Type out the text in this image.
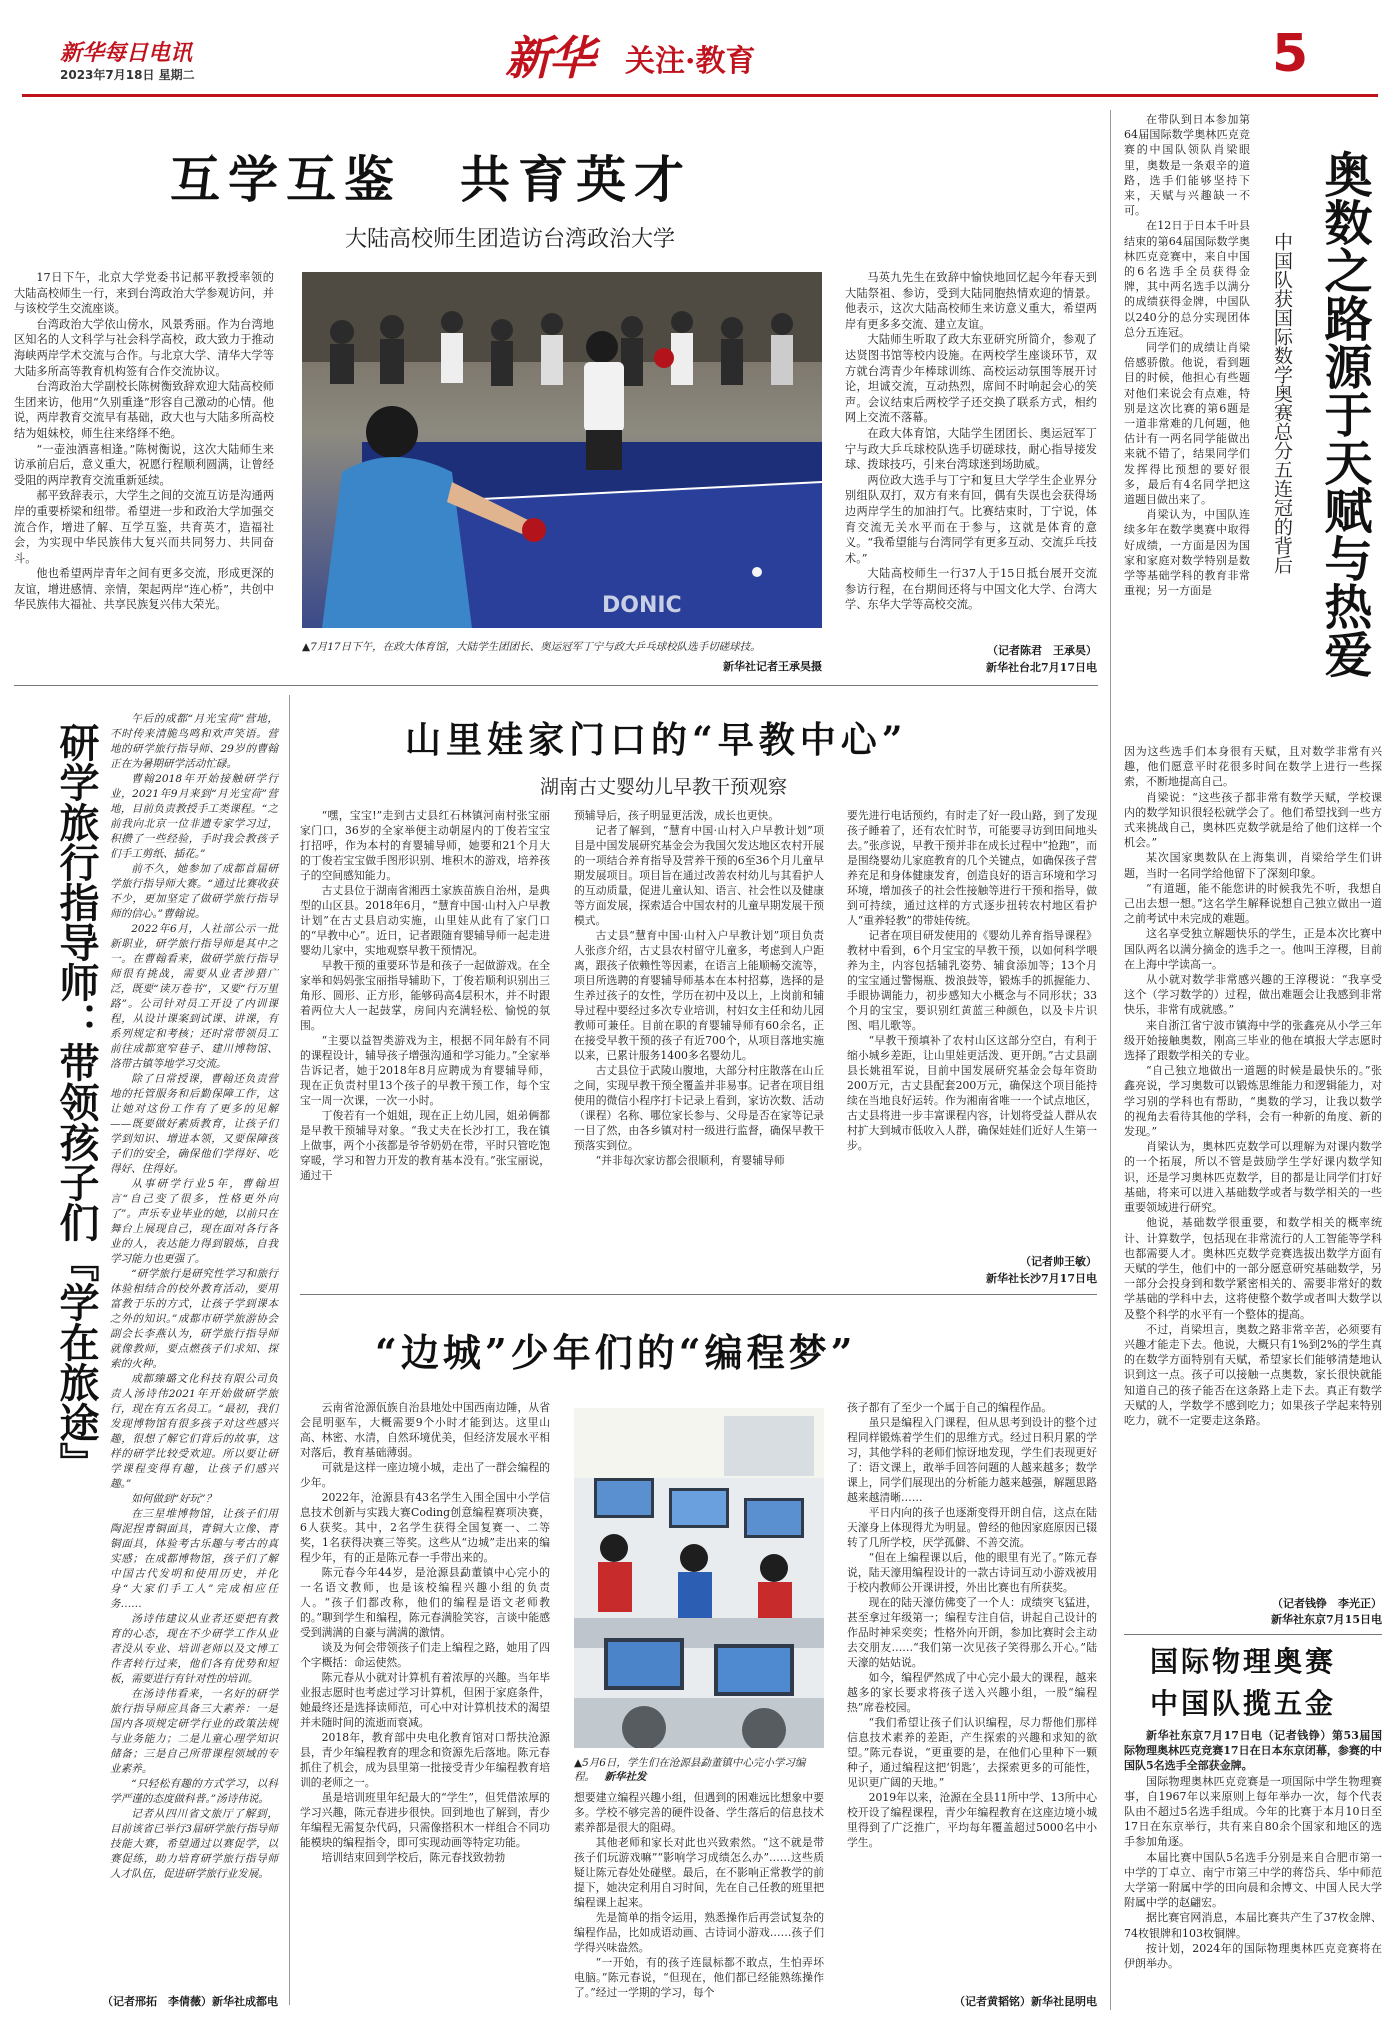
新华每日电讯
2023年7月18日 星期二	新华 关注·教育	5
互学互鉴　共育英才
大陆高校师生团造访台湾政治大学

17日下午，北京大学党委书记郝平教授率领的大陆高校师生一行，来到台湾政治大学参观访问，并与该校学生交流座谈。

台湾政治大学依山傍水，风景秀丽。作为台湾地区知名的人文科学与社会科学高校，政大致力于推动海峡两岸学术交流与合作。与北京大学、清华大学等大陆多所高等教育机构签有合作交流协议。

台湾政治大学副校长陈树衡致辞欢迎大陆高校师生团来访，他用“久别重逢”形容自己激动的心情。他说，两岸教育交流早有基础，政大也与大陆多所高校结为姐妹校，师生往来络绎不绝。

“一壶浊酒喜相逢。”陈树衡说，这次大陆师生来访承前启后，意义重大，祝愿行程顺利圆满，让曾经受阻的两岸教育交流重新延续。

郝平致辞表示，大学生之间的交流互访是沟通两岸的重要桥梁和纽带。希望进一步和政治大学加强交流合作，增进了解、互学互鉴，共育英才，造福社会，为实现中华民族伟大复兴而共同努力、共同奋斗。

他也希望两岸青年之间有更多交流，形成更深的友谊，增进感情、亲情，架起两岸“连心桥”，共创中华民族伟大福祉、共享民族复兴伟大荣光。	DONIC
▲7月17日下午，在政大体育馆，大陆学生团团长、奥运冠军丁宁与政大乒乓球校队选手切磋球技。
新华社记者王承昊摄

马英九先生在致辞中愉快地回忆起今年春天到大陆祭祖、参访，受到大陆同胞热情欢迎的情景。他表示，这次大陆高校师生来访意义重大，希望两岸有更多多交流、建立友谊。

大陆师生听取了政大东亚研究所简介，参观了达贤图书馆等校内设施。在两校学生座谈环节，双方就台湾青少年棒球训练、高校运动氛围等展开讨论，坦诚交流，互动热烈，席间不时响起会心的笑声。会议结束后两校学子还交换了联系方式，相约网上交流不落幕。

在政大体育馆，大陆学生团团长、奥运冠军丁宁与政大乒乓球校队选手切磋球技，耐心指导接发球、拨球技巧，引来台湾球迷到场助威。

两位政大选手与丁宁和复旦大学学生企业界分别组队双打，双方有来有回，偶有失误也会获得场边两岸学生的加油打气。比赛结束时，丁宁说，体育交流无关水平而在于参与，这就是体育的意义。“我希望能与台湾同学有更多互动、交流乒乓技术。”

大陆高校师生一行37人于15日抵台展开交流参访行程，在台期间还将与中国文化大学、台湾大学、东华大学等高校交流。

（记者陈君　王承昊）
新华社台北7月17日电

在带队到日本参加第64届国际数学奥林匹克竞赛的中国队领队肖梁眼里，奥数是一条艰辛的道路，选手们能够坚持下来，天赋与兴趣缺一不可。

在12日于日本千叶县结束的第64届国际数学奥林匹克竞赛中，来自中国的6名选手全员获得金牌，其中两名选手以满分的成绩获得金牌，中国队以240分的总分实现团体总分五连冠。

同学们的成绩让肖梁倍感骄傲。他说，看到题目的时候，他担心有些题对他们来说会有点难，特别是这次比赛的第6题是一道非常难的几何题，他估计有一两名同学能做出来就不错了，结果同学们发挥得比预想的要好很多，最后有4名同学把这道题目做出来了。

肖梁认为，中国队连续多年在数学奥赛中取得好成绩，一方面是因为国家和家庭对数学特别是数学等基础学科的教育非常重视；另一方面是	奥数之路源于天赋与热爱
中国队获国际数学奥赛总分五连冠的背后

因为这些选手们本身很有天赋，且对数学非常有兴趣，他们愿意平时花很多时间在数学上进行一些探索，不断地提高自己。

肖梁说：“这些孩子都非常有数学天赋，学校课内的数学知识很轻松就学会了。他们希望找到一些方式来挑战自己，奥林匹克数学就是给了他们这样一个机会。”

某次国家奥数队在上海集训，肖梁给学生们讲题，当时一名同学给他留下了深刻印象。

“有道题，能不能您讲的时候我先不听，我想自己出去想一想。”这名学生解释说想自己独立做出一道之前考试中未完成的难题。

这名享受独立解题快乐的学生，正是本次比赛中国队两名以满分摘金的选手之一。他叫王淳稷，目前在上海中学读高一。

从小就对数学非常感兴趣的王淳稷说：“我享受这个（学习数学的）过程，做出难题会让我感到非常快乐，非常有成就感。”

来自浙江省宁波市镇海中学的张鑫亮从小学三年级开始接触奥数，刚高三毕业的他在填报大学志愿时选择了跟数学相关的专业。

“自己独立地做出一道题的时候是最快乐的。”张鑫亮说，学习奥数可以锻炼思维能力和逻辑能力，对学习别的学科也有帮助，“奥数的学习，让我以数学的视角去看待其他的学科，会有一种新的角度、新的发现。”

肖梁认为，奥林匹克数学可以理解为对课内数学的一个拓展，所以不管是鼓励学生学好课内数学知识，还是学习奥林匹克数学，目的都是让同学们打好基础，将来可以进入基础数学或者与数学相关的一些重要领域进行研究。

他说，基础数学很重要，和数学相关的概率统计、计算数学，包括现在非常流行的人工智能等学科也都需要人才。奥林匹克数学竞赛选拔出数学方面有天赋的学生，他们中的一部分愿意研究基础数学，另一部分会投身到和数学紧密相关的、需要非常好的数学基础的学科中去，这将使整个数学或者叫大数学以及整个科学的水平有一个整体的提高。

不过，肖梁坦言，奥数之路非常辛苦，必须要有兴趣才能走下去。他说，大概只有1%到2%的学生真的在数学方面特别有天赋，希望家长们能够清楚地认识到这一点。孩子可以接触一点奥数，家长很快就能知道自己的孩子能否在这条路上走下去。真正有数学天赋的人，学数学不感到吃力；如果孩子学起来特别吃力，就不一定要走这条路。

（记者钱铮　李光正）
新华社东京7月15日电
国际物理奥赛
中国队揽五金

新华社东京7月17日电（记者钱铮）第53届国际物理奥林匹克竞赛17日在日本东京闭幕，参赛的中国队5名选手全部获金牌。

国际物理奥林匹克竞赛是一项国际中学生物理赛事，自1967年以来原则上每年举办一次，每个代表队由不超过5名选手组成。今年的比赛于本月10日至17日在东京举行，共有来自80余个国家和地区的选手参加角逐。

本届比赛中国队5名选手分别是来自合肥市第一中学的丁卓立、南宁市第三中学的蒋岱兵、华中师范大学第一附属中学的田向晨和余博文、中国人民大学附属中学的赵翩宏。

据比赛官网消息，本届比赛共产生了37枚金牌、74枚银牌和103枚铜牌。

按计划，2024年的国际物理奥林匹克竞赛将在伊朗举办。

研学旅行指导师：带领孩子们『学在旅途』

午后的成都“月光宝荷”营地，不时传来清脆鸟鸣和欢声笑语。营地的研学旅行指导师、29岁的曹翰正在为暑期研学活动忙碌。

曹翰2018年开始接触研学行业，2021年9月来到“月光宝荷”营地，目前负责教授手工类课程。“之前我向北京一位非遗专家学习过，积攒了一些经验，手时我会教孩子们手工剪纸、插花。”

前不久，她参加了成都首届研学旅行指导师大赛。“通过比赛收获不少，更加坚定了做研学旅行指导师的信心。”曹翰说。

2022年6月，人社部公示一批新职业，研学旅行指导师是其中之一。在曹翰看来，做研学旅行指导师很有挑战，需要从业者涉猎广泛，既要“读万卷书”，又要“行万里路”。公司针对员工开设了内训课程，从设计课案到试课、讲课，有系列规定和考核；还时常带领员工前往成都宽窄巷子、建川博物馆、洛带古镇等地学习交流。

除了日常授课，曹翰还负责营地的托管服务和后勤保障工作，这让她对这份工作有了更多的见解——既要做好素质教育，让孩子们学到知识、增进本领，又要保障孩子们的安全，确保他们学得好、吃得好、住得好。

从事研学行业5年，曹翰坦言“自己变了很多，性格更外向了”。声乐专业毕业的她，以前只在舞台上展现自己，现在面对各行各业的人，表达能力得到锻炼，自我学习能力也更强了。

“研学旅行是研究性学习和旅行体验相结合的校外教育活动，要用富教于乐的方式，让孩子学到课本之外的知识。”成都市研学旅游协会副会长李燕认为，研学旅行指导师就像教师，要点燃孩子们求知、探索的火种。

成都臻璐文化科技有限公司负责人汤诗伟2021年开始做研学旅行，现在有五名员工。“最初，我们发现博物馆有很多孩子对这些感兴趣，很想了解它们背后的故事，这样的研学比较受欢迎。所以要让研学课程变得有趣，让孩子们感兴趣。”

如何做到“好玩”？

在三星堆博物馆，让孩子们用陶泥捏青铜面具，青铜大立像、青铜面具，体验考古乐趣与考古的真实感；在成都博物馆，孩子们了解中国古代发明和使用历史，并化身“大家们手工人”完成相应任务……

汤诗伟建议从业者还要把有教育的心态，现在不少研学工作从业者没从专业、培训老师以及文博工作者转行过来，他们各有优势和短板，需要进行有针对性的培训。

在汤诗伟看来，一名好的研学旅行指导师应具备三大素养：一是国内各项规定研学行业的政策法规与业务能力；二是儿童心理学知识储备；三是自己所带课程领域的专业素养。

“只轻松有趣的方式学习，以科学严谨的态度做科普。”汤诗伟说。

记者从四川省文旅厅了解到，目前该省已举行3届研学旅行指导师技能大赛，希望通过以赛促学，以赛促练，助力培育研学旅行指导师人才队伍，促进研学旅行业发展。

（记者邢拓　李倩薇）新华社成都电
山里娃家门口的“早教中心”
湖南古丈婴幼儿早教干预观察

“嘿，宝宝!”走到古丈县红石林镇河南村张宝丽家门口，36岁的全家举便主动朝屋内的丁俊若宝宝打招呼，作为本村的育婴辅导师，她要和21个月大的丁俊若宝宝做手图形识别、堆积木的游戏，培养孩子的空间感知能力。

古丈县位于湖南省湘西土家族苗族自治州，是典型的山区县。2018年6月，“慧育中国·山村入户早教计划”在古丈县启动实施，山里娃从此有了家门口的“早教中心”。近日，记者跟随育婴辅导师一起走进婴幼儿家中，实地观察早教干预情况。

早教干预的重要环节是和孩子一起做游戏。在全家举和妈妈张宝丽指导辅助下，丁俊若顺利识别出三角形、圆形、正方形，能够码高4层积木，并不时跟着两位大人一起鼓掌，房间内充满轻松、愉悦的氛围。

“主要以益智类游戏为主，根据不同年龄有不同的课程设计，辅导孩子增强沟通和学习能力。”全家举告诉记者，她于2018年8月应聘成为育婴辅导师，现在正负责村里13个孩子的早教干预工作，每个宝宝一周一次课，一次一小时。

丁俊若有一个姐姐，现在正上幼儿园，姐弟俩都是早教干预辅导对象。“我丈夫在长沙打工，我在镇上做事，两个小孩都是爷爷奶奶在带，平时只管吃饱穿暖，学习和智力开发的教育基本没有。”张宝丽说，通过干

预辅导后，孩子明显更活泼，成长也更快。

记者了解到，“慧育中国·山村入户早教计划”项目是中国发展研究基金会为我国欠发达地区农村开展的一项结合养育指导及营养干预的6至36个月儿童早期发展项目。项目旨在通过改善农村幼儿与其看护人的互动质量，促进儿童认知、语言、社会性以及健康等方面发展，探索适合中国农村的儿童早期发展干预模式。

古丈县“慧育中国·山村入户早教计划”项目负责人张彦介绍，古丈县农村留守儿童多，考虑到人户距离，跟孩子依赖性等因素，在语言上能顺畅交流等，项目所选聘的育婴辅导师基本在本村招募，选择的是生养过孩子的女性，学历在初中及以上，上岗前和辅导过程中要经过多次专业培训，村妇女主任和幼儿园教师可兼任。目前在职的育婴辅导师有60余名，正在接受早教干预的孩子有近700个，从项目落地实施以来，已累计服务1400多名婴幼儿。

古丈县位于武陵山腹地，大部分村庄散落在山丘之间，实现早教干预全覆盖并非易事。记者在项目组使用的微信小程序打卡记录上看到，家访次数、活动（课程）名称、哪位家长参与、父母是否在家等记录一目了然，由各乡镇对村一级进行监督，确保早教干预落实到位。

“并非每次家访都会很顺利，育婴辅导师

要先进行电话预约，有时走了好一段山路，到了发现孩子睡着了，还有农忙时节，可能要寻访到田间地头去。”张彦说，早教干预并非在成长过程中“抢跑”，而是围绕婴幼儿家庭教育的几个关键点，如确保孩子营养充足和身体健康发育，创造良好的语言环境和学习环境，增加孩子的社会性接触等进行干预和指导，做到可持续，通过这样的方式逐步扭转农村地区看护人“重养轻教”的带娃传统。

记者在项目研发使用的《婴幼儿养育指导课程》教材中看到，6个月宝宝的早教干预，以如何科学喂养为主，内容包括辅乳姿势、辅食添加等；13个月的宝宝通过警惕瓶、拨浪鼓等，锻炼手的抓握能力、手眼协调能力，初步感知大小概念与不同形状；33个月的宝宝，要识别红黄蓝三种颜色，以及卡片识图、唱儿歌等。

“早教干预填补了农村山区这部分空白，有利于缩小城乡差距，让山里娃更活泼、更开朗。”古丈县副县长姚祖军说，目前中国发展研究基金会每年资助200万元，古丈县配套200万元，确保这个项目能持续在当地良好运转。作为湘南省唯一一个试点地区，古丈县将进一步丰富课程内容，计划将受益人群从农村扩大到城市低收入人群，确保娃娃们近好人生第一步。

（记者帅王敏）
新华社长沙7月17日电
“边城”少年们的“编程梦”

云南省沧源佤族自治县地处中国西南边陲，从省会昆明驱车，大概需要9个小时才能到达。这里山高、林密、水清，自然环境优美，但经济发展水平相对落后，教育基础薄弱。

可就是这样一座边境小城，走出了一群会编程的少年。

2022年，沧源县有43名学生入围全国中小学信息技术创新与实践大赛Coding创意编程赛项决赛，6人获奖。其中，2名学生获得全国复赛一、二等奖，1名获得决赛三等奖。这些从“边城”走出来的编程少年，有的正是陈元春一手带出来的。

陈元春今年44岁，是沧源县勐董镇中心完小的一名语文教师，也是该校编程兴趣小组的负责人。“孩子们都改称，他们的编程是语文老师教的。”聊到学生和编程，陈元春满脸笑容，言谈中能感受到满满的自豪与满满的激情。

谈及为何会带领孩子们走上编程之路，她用了四个字概括：命运使然。

陈元春从小就对计算机有着浓厚的兴趣。当年毕业报志愿时也考虑过学习计算机，但困于家庭条件，她最终还是选择读师范，可心中对计算机技术的渴望并未随时间的流逝而衰减。

2018年，教育部中央电化教育馆对口帮扶沧源县，青少年编程教育的理念和资源先后落地。陈元春抓住了机会，成为县里第一批接受青少年编程教育培训的老师之一。

虽是培训班里年纪最大的“学生”，但凭借浓厚的学习兴趣，陈元春进步很快。回到地也了解到，青少年编程无需复杂代码，只需像搭积木一样组合不同功能模块的编程指令，即可实现动画等特定功能。

培训结束回到学校后，陈元春找致勃勃

▲5月6日，学生们在沧源县勐董镇中心完小学习编程。 新华社发

想要建立编程兴趣小组，但遇到的困难远比想象中要多。学校不够完善的硬件设备、学生落后的信息技术素养都是很大的阻碍。

其他老师和家长对此也兴致索然。“这不就是带孩子们玩游戏嘛”“影响学习成绩怎么办”……这些质疑让陈元春处处碰壁。最后，在不影响正常教学的前提下，她决定利用自习时间，先在自己任教的班里把编程课上起来。

先是简单的指令运用，熟悉操作后再尝试复杂的编程作品，比如成语动画、古诗词小游戏……孩子们学得兴味盎然。

“一开始，有的孩子连鼠标都不敢点，生怕弄坏电脑。”陈元春说，“但现在，他们都已经能熟练操作了。”经过一学期的学习，每个

孩子都有了至少一个属于自己的编程作品。

虽只是编程入门课程，但从思考到设计的整个过程同样锻炼着学生们的思维方式。经过日积月累的学习，其他学科的老师们惊讶地发现，学生们表现更好了：语文课上，敢举手回答问题的人越来越多；数学课上，同学们展现出的分析能力越来越强，解题思路越来越清晰……

平日内向的孩子也逐渐变得开朗自信，这点在陆天濠身上体现得尤为明显。曾经的他因家庭原因已辍转了几所学校，厌学孤僻、不善交流。

“但在上编程课以后，他的眼里有光了。”陈元春说，陆天濠用编程设计的一款古诗词互动小游戏被用于校内教师公开课讲授，外出比赛也有所获奖。

现在的陆天濠仿佛变了一个人：成绩突飞猛进，甚至拿过年级第一；编程专注自信，讲起自己设计的作品时神采奕奕；性格外向开朗，参加比赛时会主动去交朋友……“我们第一次见孩子笑得那么开心。”陆天濠的姑姑说。

如今，编程俨然成了中心完小最大的课程，越来越多的家长要求将孩子送入兴趣小组，一股“编程热”席卷校园。

“我们希望让孩子们认识编程，尽力帮他们那样信息技术素养的差距，产生探索的兴趣和求知的欲望。”陈元春说，“更重要的是，在他们心里种下一颗种子，通过编程这把‘钥匙’，去探索更多的可能性，见识更广阔的天地。”

2019年以来，沧源在全县11所中学、13所中心校开设了编程课程，青少年编程教育在这座边境小城里得到了广泛推广，平均每年覆盖超过5000名中小学生。

（记者黄韬铭）新华社昆明电
